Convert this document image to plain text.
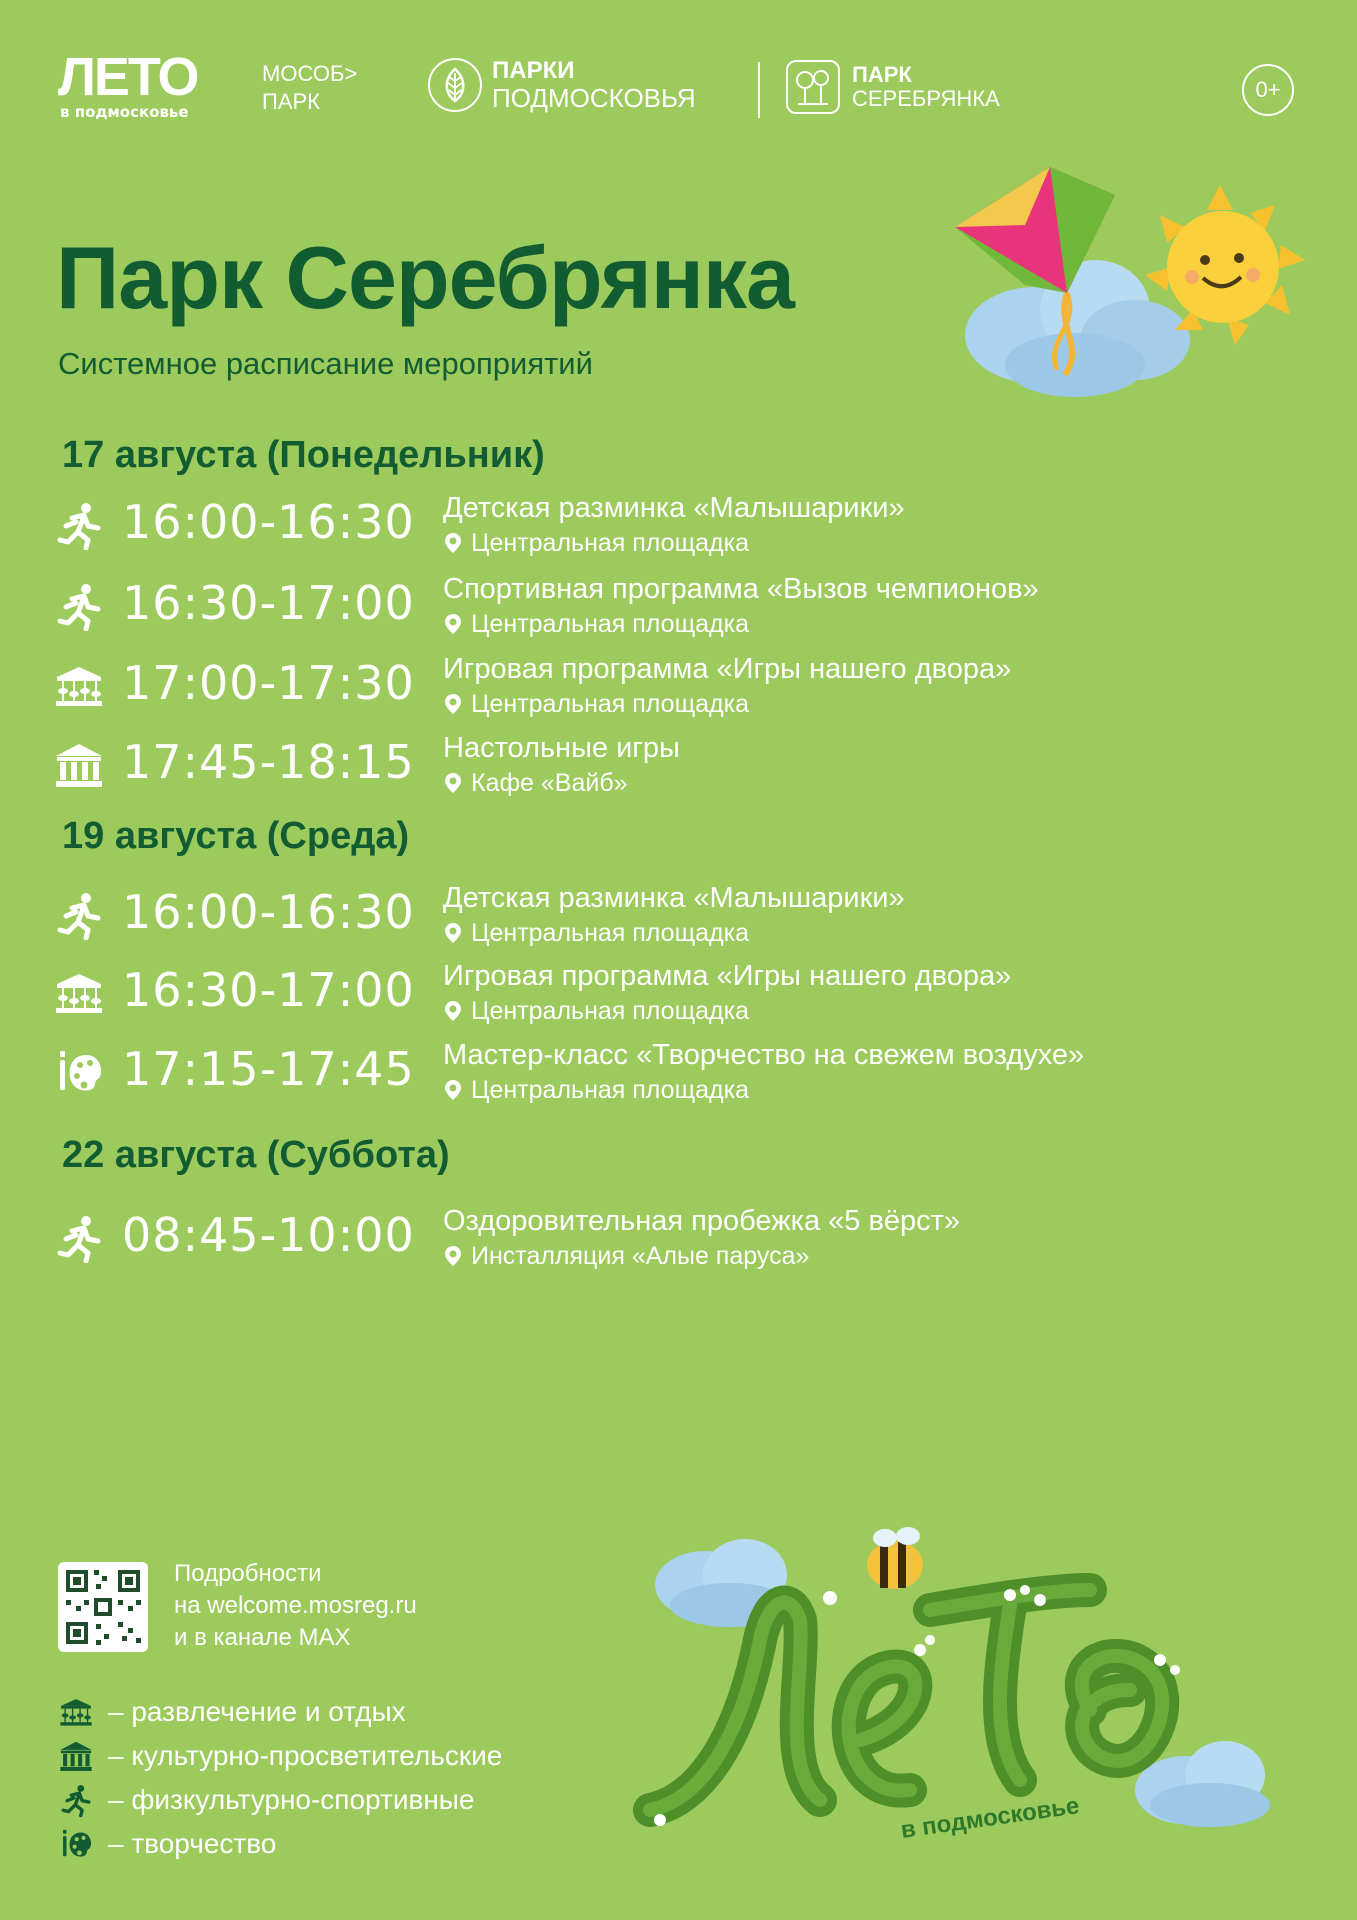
ЛЕТО
в подмосковье
МОСОБ>
ПАРК
ПАРКИ
ПОДМОСКОВЬЯ
ПАРК
СЕРЕБРЯНКА	0+
Парк Серебрянка
Системное расписание мероприятий
17 августа (Понедельник)
16:00-16:30 Детская разминка «Малышарики»
Центральная площадка
16:30-17:00 Спортивная программа «Вызов чемпионов»
Центральная площадка
17:00-17:30 Игровая программа «Игры нашего двора»
Центральная площадка
17:45-18:15 Настольные игры
Кафе «Вайб»
19 августа (Среда)
16:00-16:30 Детская разминка «Малышарики»
Центральная площадка
16:30-17:00 Игровая программа «Игры нашего двора»
Центральная площадка
17:15-17:45 Мастер-класс «Творчество на свежем воздухе»
Центральная площадка
22 августа (Суббота)
08:45-10:00 Оздоровительная пробежка «5 вёрст»
Инсталляция «Алые паруса»
Подробности
на welcome.mosreg.ru
и в канале MAX
– развлечение и отдых
– культурно-просветительские
– физкультурно-спортивные
– творчество	в подмосковье
